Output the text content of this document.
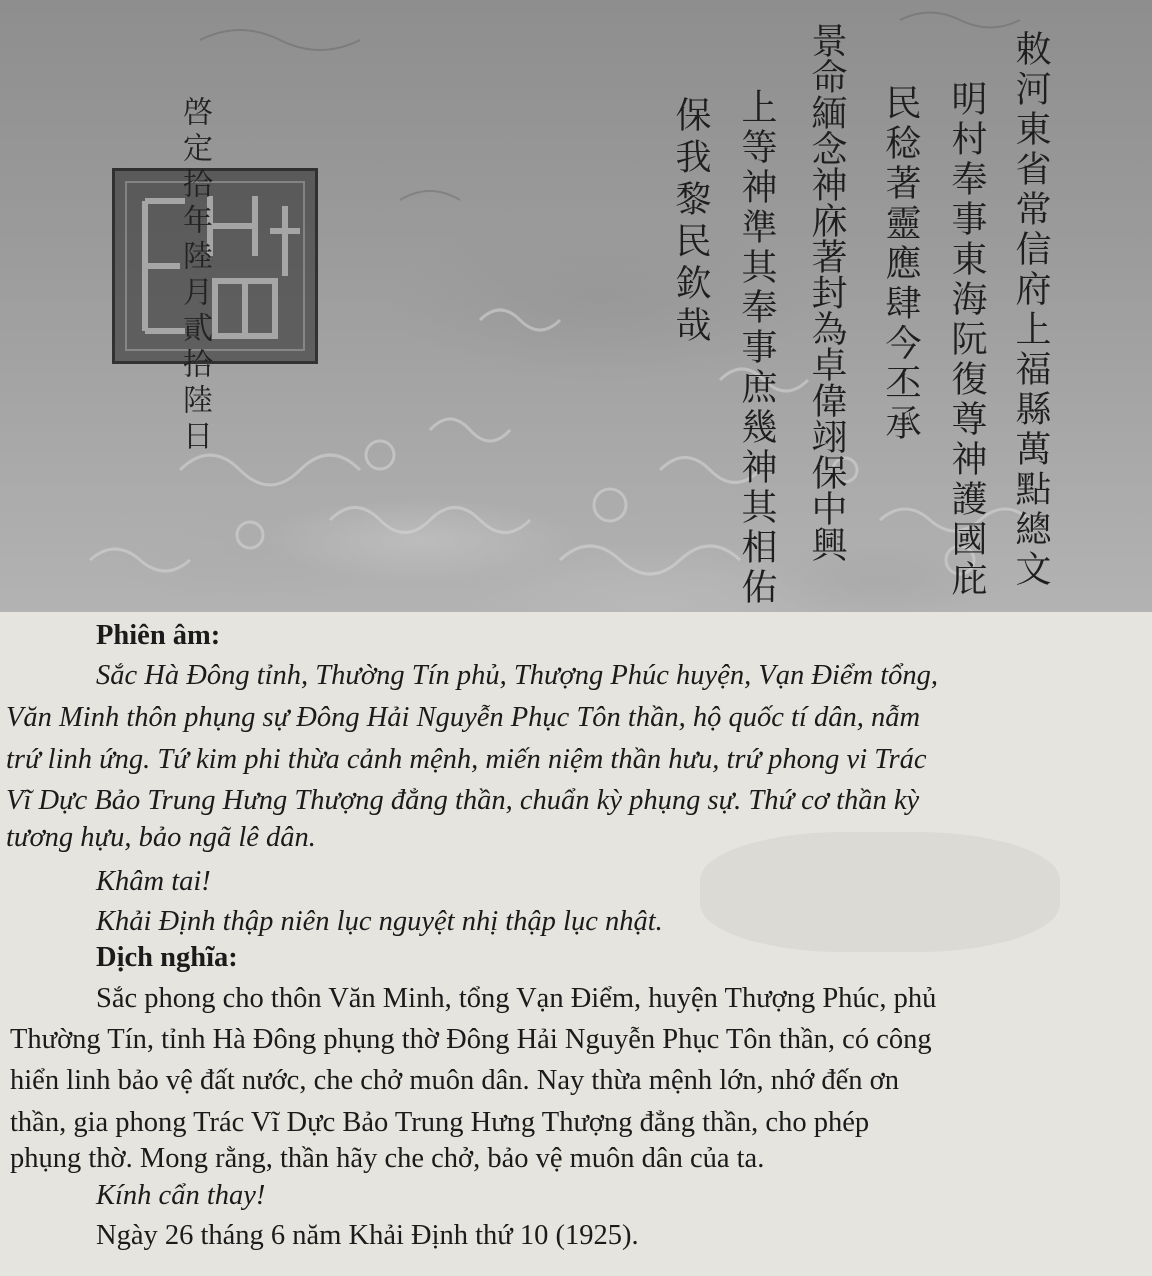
啓定拾年陸月貳拾陸日	敕河東省常信府上福縣萬點總文
明村奉事東海阮復尊神護國庇
民稔著靈應肆今丕承
景命緬念神庥著封為卓偉翊保中興
上等神準其奉事庶幾神其相佑
保我黎民欽哉
Phiên âm:
Sắc Hà Đông tỉnh, Thường Tín phủ, Thượng Phúc huyện, Vạn Điểm tổng,
Văn Minh thôn phụng sự Đông Hải Nguyễn Phục Tôn thần, hộ quốc tí dân, nẫm
trứ linh ứng. Tứ kim phi thừa cảnh mệnh, miến niệm thần hưu, trứ phong vi Trác
Vĩ Dực Bảo Trung Hưng Thượng đẳng thần, chuẩn kỳ phụng sự. Thứ cơ thần kỳ
tương hựu, bảo ngã lê dân.
Khâm tai!
Khải Định thập niên lục nguyệt nhị thập lục nhật.
Dịch nghĩa:
Sắc phong cho thôn Văn Minh, tổng Vạn Điểm, huyện Thượng Phúc, phủ
Thường Tín, tỉnh Hà Đông phụng thờ Đông Hải Nguyễn Phục Tôn thần, có công
hiển linh bảo vệ đất nước, che chở muôn dân. Nay thừa mệnh lớn, nhớ đến ơn
thần, gia phong Trác Vĩ Dực Bảo Trung Hưng Thượng đẳng thần, cho phép
phụng thờ. Mong rằng, thần hãy che chở, bảo vệ muôn dân của ta.
Kính cẩn thay!
Ngày 26 tháng 6 năm Khải Định thứ 10 (1925).
